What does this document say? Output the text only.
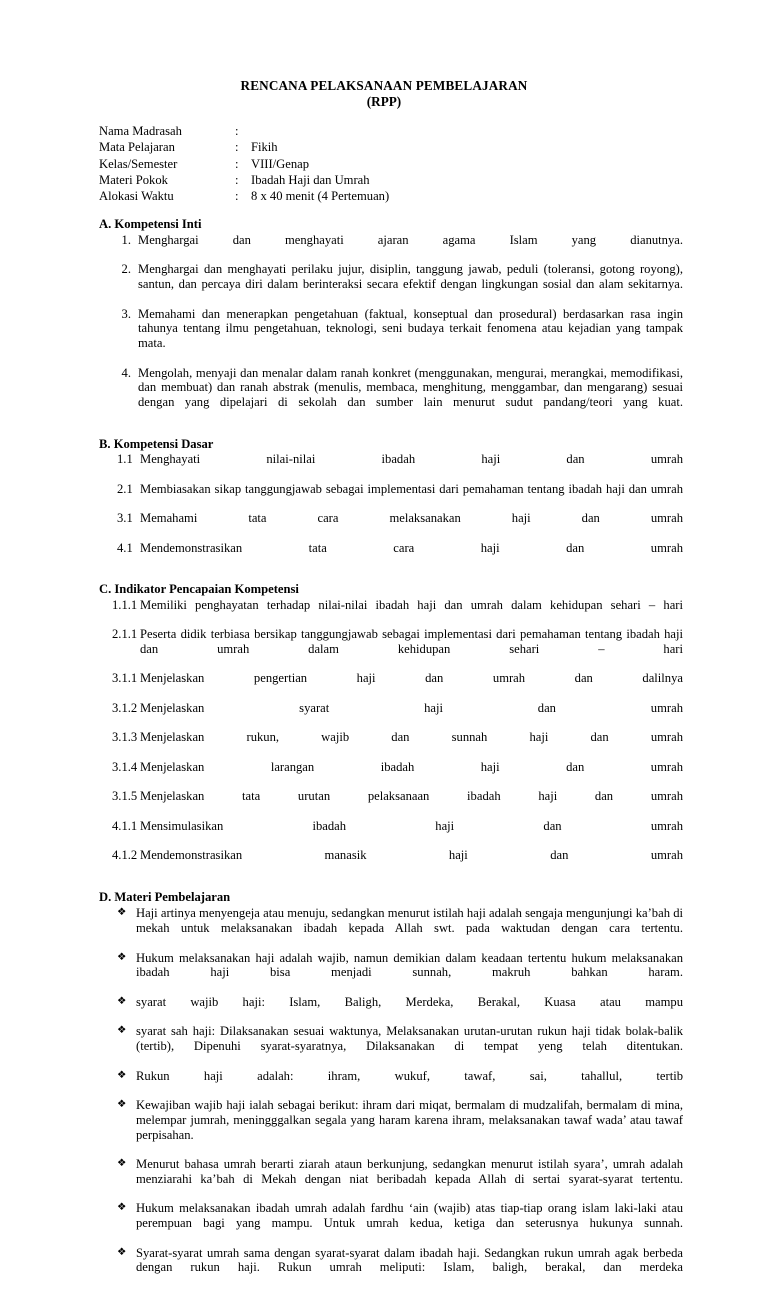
RENCANA PELAKSANAAN PEMBELAJARAN
(RPP)
Nama Madrasah	:	
Mata Pelajaran	:	Fikih
Kelas/Semester	:	VIII/Genap
Materi Pokok	:	Ibadah Haji dan Umrah
Alokasi Waktu	:	8 x 40 menit (4 Pertemuan)
A. Kompetensi Inti
1. Menghargai dan menghayati ajaran agama Islam yang dianutnya.
2. Menghargai dan menghayati perilaku jujur, disiplin, tanggung jawab, peduli (toleransi, gotong royong), santun, dan percaya diri dalam berinteraksi secara efektif dengan lingkungan sosial dan alam sekitarnya.
3. Memahami dan menerapkan pengetahuan (faktual, konseptual dan prosedural) berdasarkan rasa ingin tahunya tentang ilmu pengetahuan, teknologi, seni budaya terkait fenomena atau kejadian yang tampak mata.
4. Mengolah, menyaji dan menalar dalam ranah konkret (menggunakan, mengurai, merangkai, memodifikasi, dan membuat) dan ranah abstrak (menulis, membaca, menghitung, menggambar, dan mengarang) sesuai dengan yang dipelajari di sekolah dan sumber lain menurut sudut pandang/teori yang kuat.
B. Kompetensi Dasar
1.1 Menghayati nilai-nilai ibadah haji dan umrah
2.1 Membiasakan sikap tanggungjawab sebagai implementasi dari pemahaman tentang ibadah haji dan umrah
3.1 Memahami tata cara melaksanakan haji dan umrah
4.1 Mendemonstrasikan tata cara haji dan umrah
C. Indikator Pencapaian Kompetensi
1.1.1 Memiliki penghayatan terhadap nilai-nilai ibadah haji dan umrah dalam kehidupan sehari – hari
2.1.1 Peserta didik terbiasa bersikap tanggungjawab sebagai implementasi dari pemahaman tentang ibadah haji dan umrah dalam kehidupan sehari – hari
3.1.1 Menjelaskan pengertian haji dan umrah dan dalilnya
3.1.2 Menjelaskan syarat haji dan umrah
3.1.3 Menjelaskan rukun, wajib dan sunnah haji dan umrah
3.1.4 Menjelaskan larangan ibadah haji dan umrah
3.1.5 Menjelaskan tata urutan pelaksanaan ibadah haji dan umrah
4.1.1 Mensimulasikan ibadah haji dan umrah
4.1.2 Mendemonstrasikan manasik haji dan umrah
D. Materi Pembelajaran
❖ Haji artinya menyengeja atau menuju, sedangkan menurut istilah haji adalah sengaja mengunjungi ka’bah di mekah untuk melaksanakan ibadah kepada Allah swt. pada waktudan dengan cara tertentu.
❖ Hukum melaksanakan haji adalah wajib, namun demikian dalam keadaan tertentu hukum melaksanakan ibadah haji bisa menjadi sunnah, makruh bahkan haram.
❖ syarat wajib haji: Islam, Baligh, Merdeka, Berakal, Kuasa atau mampu
❖ syarat sah haji: Dilaksanakan sesuai waktunya, Melaksanakan urutan-urutan rukun haji tidak bolak-balik (tertib), Dipenuhi syarat-syaratnya, Dilaksanakan di tempat yeng telah ditentukan.
❖ Rukun haji adalah: ihram, wukuf, tawaf, sai, tahallul, tertib
❖ Kewajiban wajib haji ialah sebagai berikut: ihram dari miqat, bermalam di mudzalifah, bermalam di mina, melempar jumrah, meningggalkan segala yang haram karena ihram, melaksanakan tawaf wada’ atau tawaf perpisahan.
❖ Menurut bahasa umrah berarti ziarah ataun berkunjung, sedangkan menurut istilah syara’, umrah adalah menziarahi ka’bah di Mekah dengan niat beribadah kepada Allah di sertai syarat-syarat tertentu.
❖ Hukum melaksanakan ibadah umrah adalah fardhu ‘ain (wajib) atas tiap-tiap orang islam laki-laki atau perempuan bagi yang mampu. Untuk umrah kedua, ketiga dan seterusnya hukunya sunnah.
❖ Syarat-syarat umrah sama dengan syarat-syarat dalam ibadah haji. Sedangkan rukun umrah agak berbeda dengan rukun haji. Rukun umrah meliputi: Islam, baligh, berakal, dan merdeka
